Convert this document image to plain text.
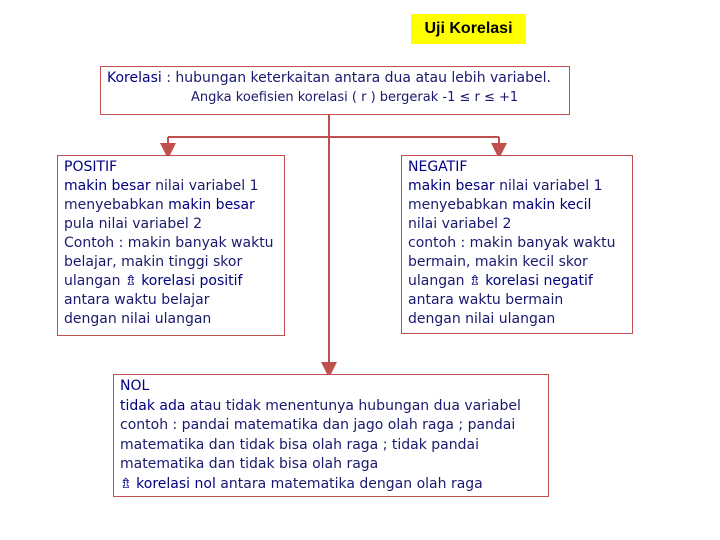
Uji Korelasi
Korelasi : hubungan keterkaitan antara dua atau lebih variabel.
Angka koefisien korelasi ( r ) bergerak -1 ≤ r ≤ +1
POSITIF
makin besar nilai variabel 1
menyebabkan makin besar
pula nilai variabel 2
Contoh : makin banyak waktu
belajar, makin tinggi skor
ulangan ⇯ korelasi positif
antara waktu belajar
dengan nilai ulangan
NEGATIF
makin besar nilai variabel 1
menyebabkan makin kecil
nilai variabel 2
contoh : makin banyak waktu
bermain, makin kecil skor
ulangan ⇯ korelasi negatif
antara waktu bermain
dengan nilai ulangan
NOL
tidak ada atau tidak menentunya hubungan dua variabel
contoh : pandai matematika dan jago olah raga ; pandai
matematika dan tidak bisa olah raga ; tidak pandai
matematika dan tidak bisa olah raga
⇯ korelasi nol antara matematika dengan olah raga
